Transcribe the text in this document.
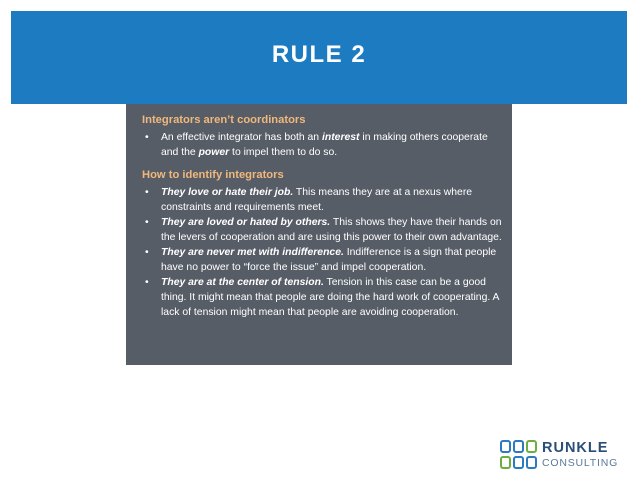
RULE 2

Integrators aren’t coordinators

• An effective integrator has both an interest in making others cooperate and the power to impel them to do so.

How to identify integrators

• They love or hate their job. This means they are at a nexus where constraints and requirements meet.
• They are loved or hated by others. This shows they have their hands on the levers of cooperation and are using this power to their own advantage.
• They are never met with indifference. Indifference is a sign that people have no power to “force the issue” and impel cooperation.
• They are at the center of tension. Tension in this case can be a good thing. It might mean that people are doing the hard work of cooperating. A lack of tension might mean that people are avoiding cooperation.
RUNKLE
CONSULTING
